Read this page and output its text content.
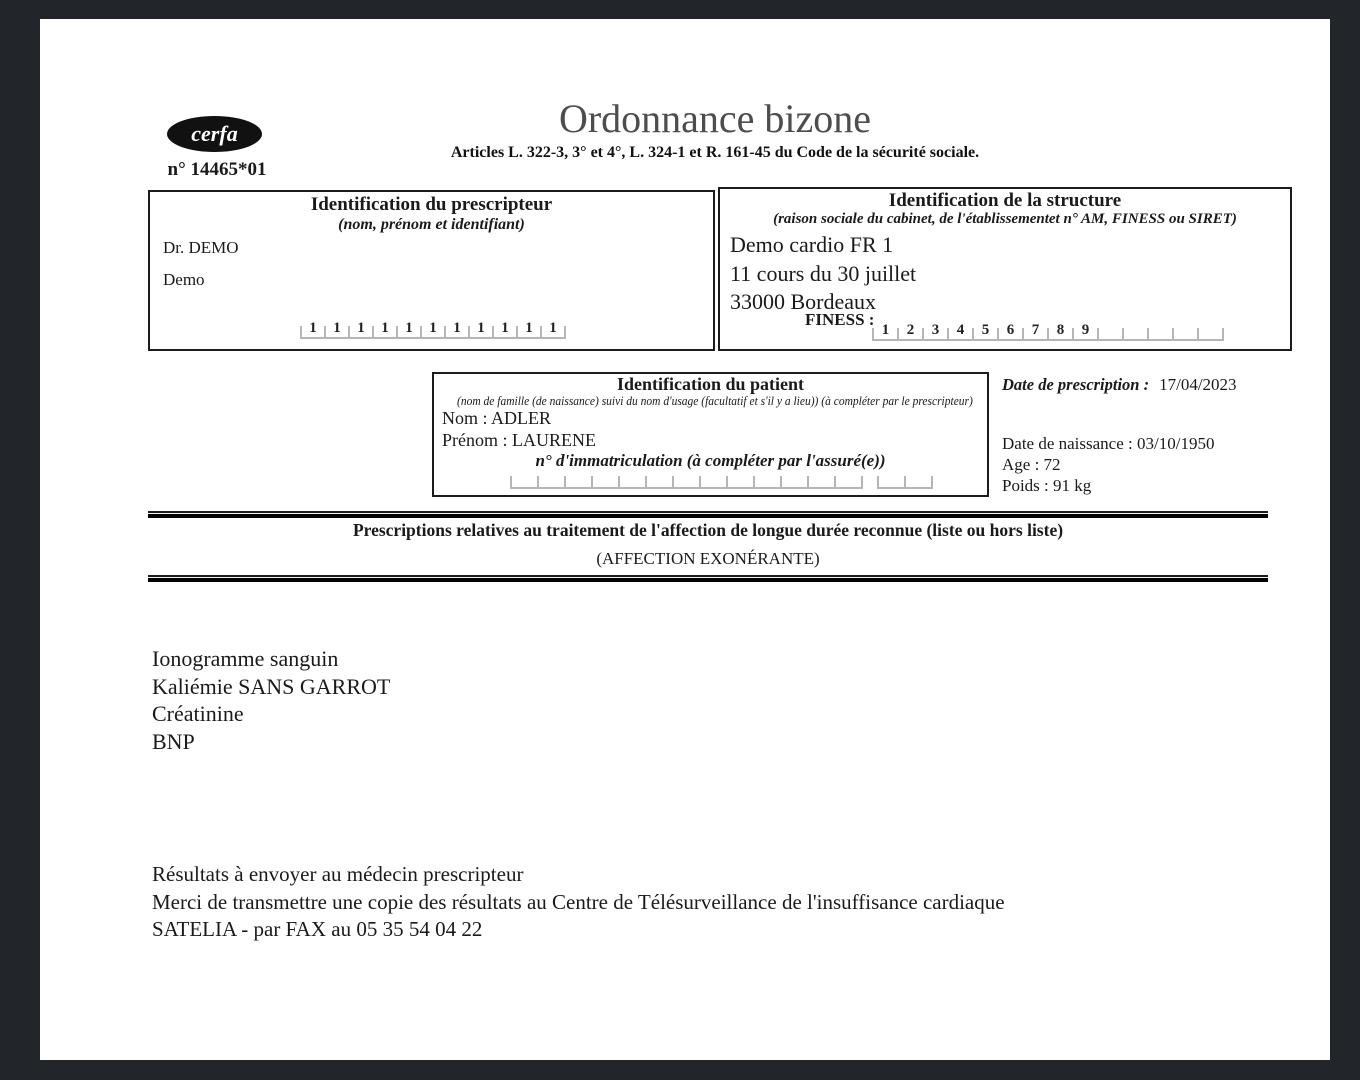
cerfa
n° 14465*01
Ordonnance bizone
Articles L. 322-3, 3° et 4°, L. 324-1 et R. 161-45 du Code de la sécurité sociale.
Identification du prescripteur
(nom, prénom et identifiant)
Dr. DEMO
Demo
1	1	1	1	1	1	1	1	1	1	1
Identification de la structure
(raison sociale du cabinet, de l'établissementet n° AM, FINESS ou SIRET)
Demo cardio FR 1
11 cours du 30 juillet
33000 Bordeaux
FINESS :
1	2	3	4	5	6	7	8	9
Identification du patient
(nom de famille (de naissance) suivi du nom d'usage (facultatif et s'il y a lieu)) (à compléter par le prescripteur)
Nom : ADLER
Prénom : LAURENE
n° d'immatriculation (à compléter par l'assuré(e))
Date de prescription : 17/04/2023
Date de naissance : 03/10/1950
Age : 72
Poids : 91 kg
Prescriptions relatives au traitement de l'affection de longue durée reconnue (liste ou hors liste)
(AFFECTION EXONÉRANTE)
Ionogramme sanguin
Kaliémie SANS GARROT
Créatinine
BNP
Résultats à envoyer au médecin prescripteur
Merci de transmettre une copie des résultats au Centre de Télésurveillance de l'insuffisance cardiaque
SATELIA - par FAX au 05 35 54 04 22
